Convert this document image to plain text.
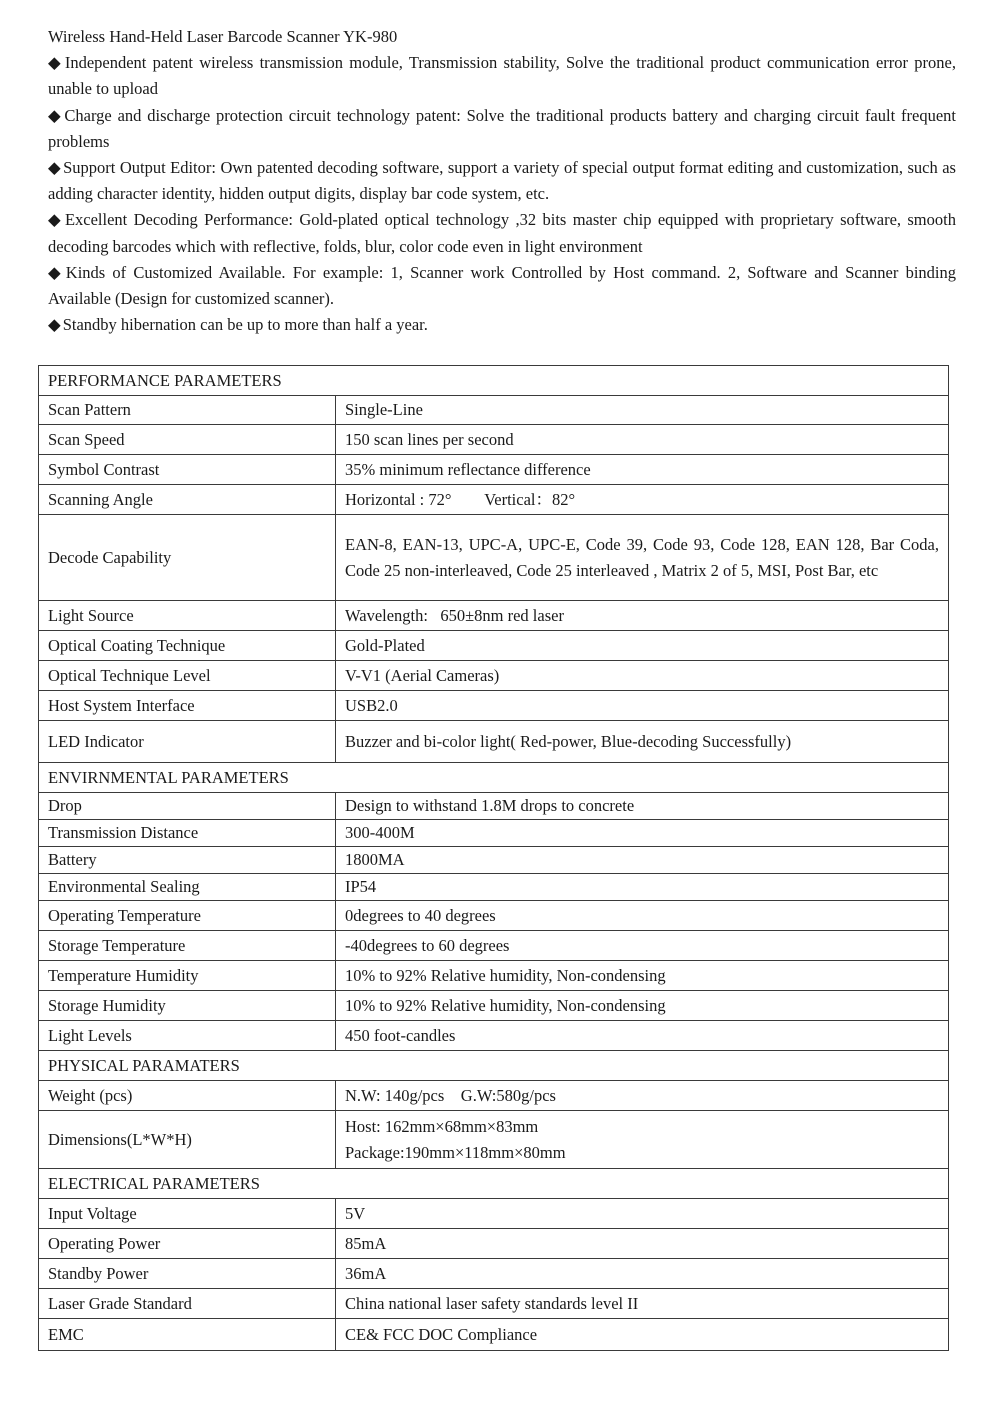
Wireless Hand-Held Laser Barcode Scanner YK-980

◆ Independent patent wireless transmission module, Transmission stability, Solve the traditional product communication error prone, unable to upload

◆ Charge and discharge protection circuit technology patent: Solve the traditional products battery and charging circuit fault frequent problems

◆ Support Output Editor: Own patented decoding software, support a variety of special output format editing and customization, such as adding character identity, hidden output digits, display bar code system, etc.

◆ Excellent Decoding Performance: Gold-plated optical technology ,32 bits master chip equipped with proprietary software, smooth decoding barcodes which with reflective, folds, blur, color code even in light environment

◆ Kinds of Customized Available. For example: 1, Scanner work Controlled by Host command. 2, Software and Scanner binding Available (Design for customized scanner).

◆ Standby hibernation can be up to more than half a year.

PERFORMANCE PARAMETERS	
Scan Pattern	Single-Line
Scan Speed	150 scan lines per second
Symbol Contrast	35% minimum reflectance difference
Scanning Angle	Horizontal : 72°        Vertical：82°
Decode Capability	EAN-8, EAN-13, UPC-A, UPC-E, Code 39, Code 93, Code 128, EAN 128, Bar Coda, Code 25 non-interleaved, Code 25 interleaved , Matrix 2 of 5, MSI, Post Bar, etc
Light Source	Wavelength:   650±8nm red laser
Optical Coating Technique	Gold-Plated
Optical Technique Level	V-V1 (Aerial Cameras)
Host System Interface	USB2.0
LED Indicator	Buzzer and bi-color light( Red-power, Blue-decoding Successfully)
ENVIRNMENTAL PARAMETERS	
Drop	Design to withstand 1.8M drops to concrete
Transmission Distance	300-400M
Battery	1800MA
Environmental Sealing	IP54
Operating Temperature	0degrees to 40 degrees
Storage Temperature	-40degrees to 60 degrees
Temperature Humidity	10% to 92% Relative humidity, Non-condensing
Storage Humidity	10% to 92% Relative humidity, Non-condensing
Light Levels	450 foot-candles
PHYSICAL PARAMATERS	
Weight (pcs)	N.W: 140g/pcs    G.W:580g/pcs
Dimensions(L*W*H)	Host: 162mm×68mm×83mm
Package:190mm×118mm×80mm

ELECTRICAL PARAMETERS	
Input Voltage	5V
Operating Power	85mA
Standby Power	36mA
Laser Grade Standard	China national laser safety standards level II
EMC	CE& FCC DOC Compliance
